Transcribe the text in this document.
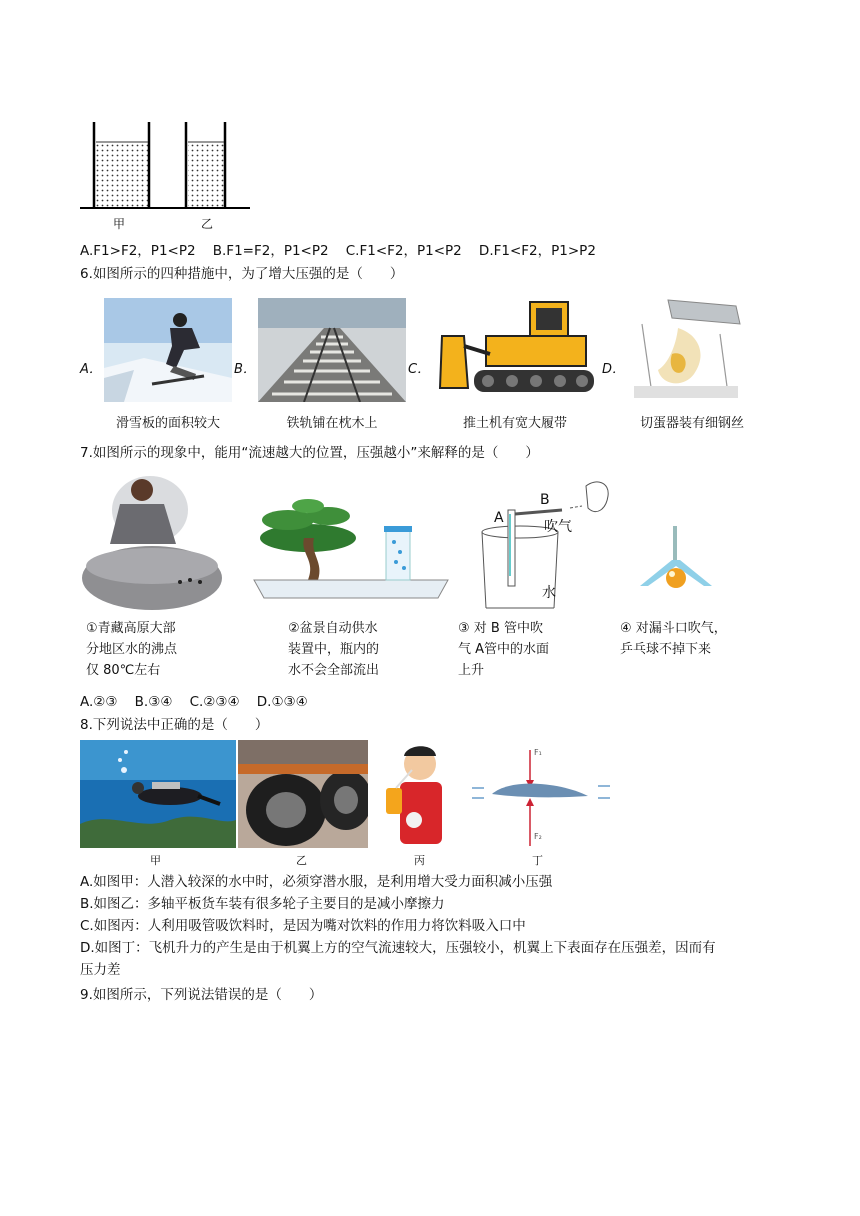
甲	乙
A.F1>F2，P1<P2    B.F1=F2，P1<P2    C.F1<F2，P1<P2    D.F1<F2，P1>P2
6.如图所示的四种措施中，为了增大压强的是（　　）
A．
滑雪板的面积较大
B．
铁轨铺在枕木上
C．
推土机有宽大履带
D．
切蛋器装有细钢丝
7.如图所示的现象中，能用“流速越大的位置，压强越小”来解释的是（　　）
①青藏高原大部
分地区水的沸点
仅 80℃左右
②盆景自动供水
装置中，瓶内的
水不会全部流出
A
B
吹气
水
③ 对 B 管中吹
气 A管中的水面
上升
④ 对漏斗口吹气，
乒乓球不掉下来
A.②③    B.③④    C.②③④    D.①③④
8.下列说法中正确的是（　　）
F₁
F₂
甲	乙	丙	丁
A.如图甲：人潜入较深的水中时，必须穿潜水服，是利用增大受力面积减小压强
B.如图乙：多轴平板货车装有很多轮子主要目的是减小摩擦力
C.如图丙：人利用吸管吸饮料时，是因为嘴对饮料的作用力将饮料吸入口中
D.如图丁：飞机升力的产生是由于机翼上方的空气流速较大，压强较小，机翼上下表面存在压强差，因而有
压力差
9.如图所示，下列说法错误的是（　　）
